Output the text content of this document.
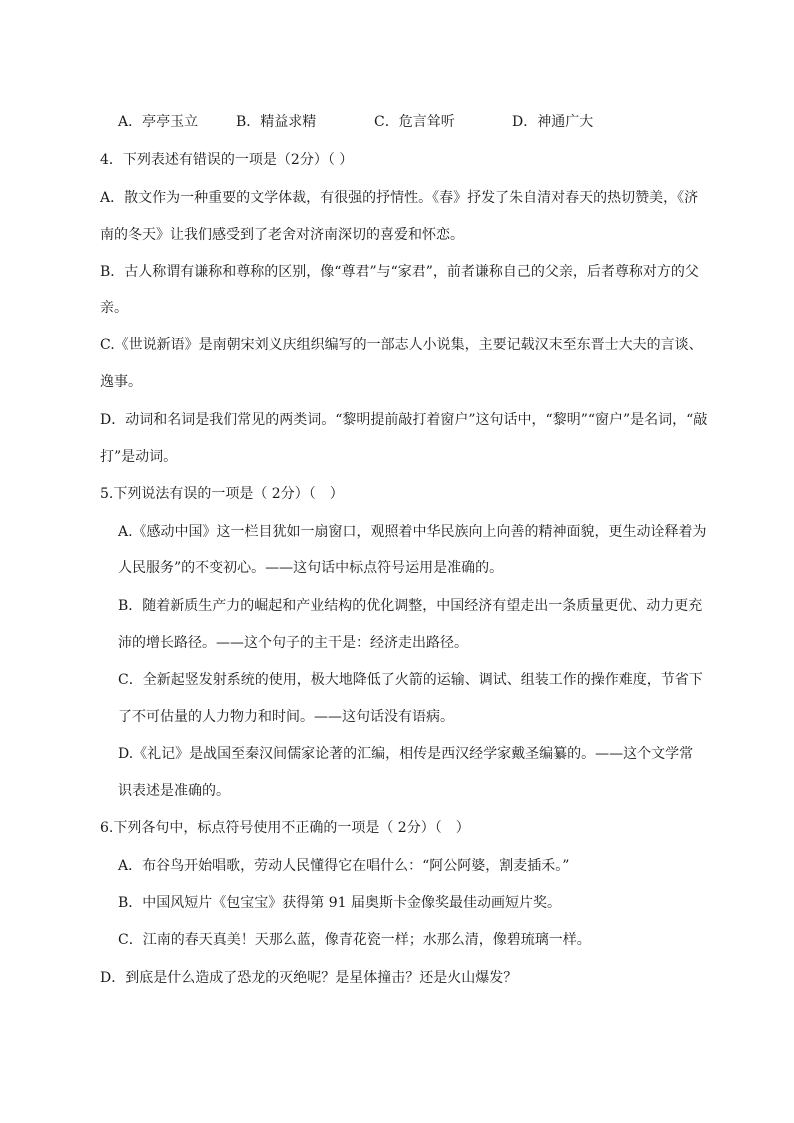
A．亭亭玉立	B．精益求精	C．危言耸听	D．神通广大
4．下列表述有错误的一项是（2分）（ ）
A．散文作为一种重要的文学体裁，有很强的抒情性。《春》抒发了朱自清对春天的热切赞美，《济
南的冬天》让我们感受到了老舍对济南深切的喜爱和怀恋。
B．古人称谓有谦称和尊称的区别，像“尊君”与“家君”，前者谦称自己的父亲，后者尊称对方的父
亲。
C.《世说新语》是南朝宋刘义庆组织编写的一部志人小说集，主要记载汉末至东晋士大夫的言谈、
逸事。
D．动词和名词是我们常见的两类词。“黎明提前敲打着窗户”这句话中，“黎明”“窗户”是名词，“敲
打”是动词。
5.下列说法有误的一项是（ 2分）（　）
A.《感动中国》这一栏目犹如一扇窗口，观照着中华民族向上向善的精神面貌，更生动诠释着为
人民服务”的不变初心。——这句话中标点符号运用是准确的。
B．随着新质生产力的崛起和产业结构的优化调整，中国经济有望走出一条质量更优、动力更充
沛的增长路径。——这个句子的主干是：经济走出路径。
C．全新起竖发射系统的使用，极大地降低了火箭的运输、调试、组装工作的操作难度，节省下
了不可估量的人力物力和时间。——这句话没有语病。
D.《礼记》是战国至秦汉间儒家论著的汇编，相传是西汉经学家戴圣编纂的。——这个文学常
识表述是准确的。
6.下列各句中，标点符号使用不正确的一项是（ 2分）（　）
A．布谷鸟开始唱歌，劳动人民懂得它在唱什么：“阿公阿婆，割麦插禾。”
B．中国风短片《包宝宝》获得第 91 届奥斯卡金像奖最佳动画短片奖。
C．江南的春天真美！天那么蓝，像青花瓷一样；水那么清，像碧琉璃一样。
D．到底是什么造成了恐龙的灭绝呢？是星体撞击？还是火山爆发？
